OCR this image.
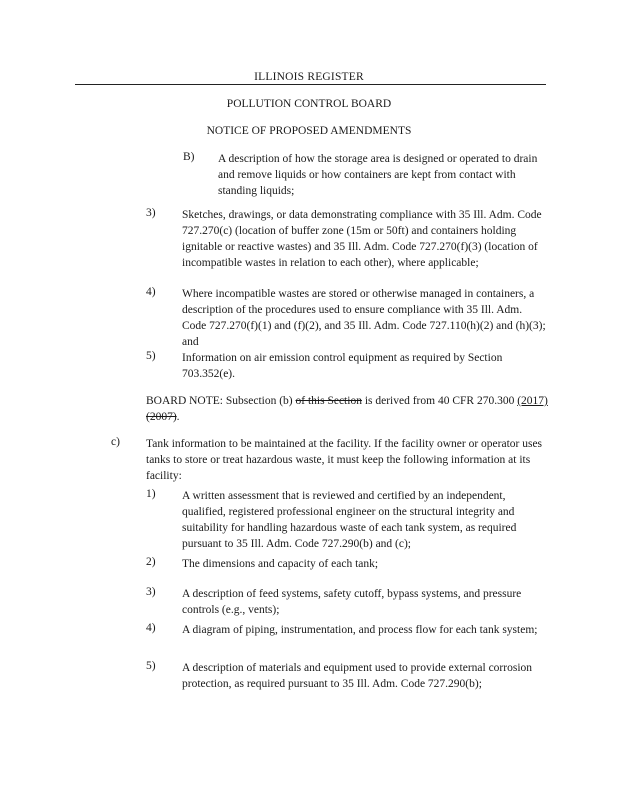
ILLINOIS REGISTER
POLLUTION CONTROL BOARD
NOTICE OF PROPOSED AMENDMENTS
B) A description of how the storage area is designed or operated to drain and remove liquids or how containers are kept from contact with standing liquids;
3) Sketches, drawings, or data demonstrating compliance with 35 Ill. Adm. Code 727.270(c) (location of buffer zone (15m or 50ft) and containers holding ignitable or reactive wastes) and 35 Ill. Adm. Code 727.270(f)(3) (location of incompatible wastes in relation to each other), where applicable;
4) Where incompatible wastes are stored or otherwise managed in containers, a description of the procedures used to ensure compliance with 35 Ill. Adm. Code 727.270(f)(1) and (f)(2), and 35 Ill. Adm. Code 727.110(h)(2) and (h)(3); and
5) Information on air emission control equipment as required by Section 703.352(e).
BOARD NOTE: Subsection (b) of this Section is derived from 40 CFR 270.300 (2017) (2007).
c) Tank information to be maintained at the facility. If the facility owner or operator uses tanks to store or treat hazardous waste, it must keep the following information at its facility:
1) A written assessment that is reviewed and certified by an independent, qualified, registered professional engineer on the structural integrity and suitability for handling hazardous waste of each tank system, as required pursuant to 35 Ill. Adm. Code 727.290(b) and (c);
2) The dimensions and capacity of each tank;
3) A description of feed systems, safety cutoff, bypass systems, and pressure controls (e.g., vents);
4) A diagram of piping, instrumentation, and process flow for each tank system;
5) A description of materials and equipment used to provide external corrosion protection, as required pursuant to 35 Ill. Adm. Code 727.290(b);
